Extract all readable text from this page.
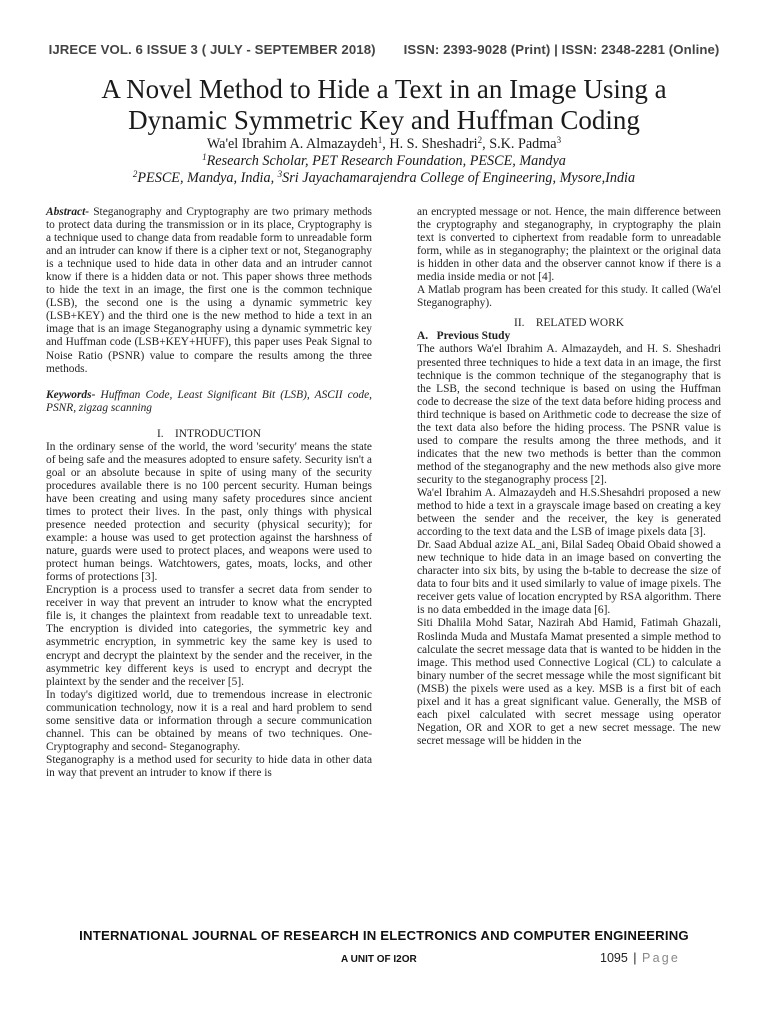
IJRECE VOL. 6 ISSUE 3 ( JULY - SEPTEMBER 2018) ISSN: 2393-9028 (Print) | ISSN: 2348-2281 (Online)
A Novel Method to Hide a Text in an Image Using a
Dynamic Symmetric Key and Huffman Coding
Wa'el Ibrahim A. Almazaydeh$^1$, H. S. Sheshadri$^2$, S.K. Padma$^3$
$^1$Research Scholar, PET Research Foundation, PESCE, Mandya
$^2$PESCE, Mandya, India, $^3$Sri Jayachamarajendra College of Engineering, Mysore,India

Abstract- Steganography and Cryptography are two primary methods to protect data during the transmission or in its place, Cryptography is a technique used to change data from readable form to unreadable form and an intruder can know if there is a cipher text or not, Steganography is a technique used to hide data in other data and an intruder cannot know if there is a hidden data or not. This paper shows three methods to hide the text in an image, the first one is the common technique (LSB), the second one is the using a dynamic symmetric key (LSB+KEY) and the third one is the new method to hide a text in an image that is an image Steganography using a dynamic symmetric key and Huffman code (LSB+KEY+HUFF), this paper uses Peak Signal to Noise Ratio (PSNR) value to compare the results among the three methods.

Keywords- Huffman Code, Least Significant Bit (LSB), ASCII code, PSNR, zigzag scanning

I.    INTRODUCTION

In the ordinary sense of the world, the word 'security' means the state of being safe and the measures adopted to ensure safety. Security isn't a goal or an absolute because in spite of using many of the security procedures available there is no 100 percent security. Human beings have been creating and using many safety procedures since ancient times to protect their lives. In the past, only things with physical presence needed protection and security (physical security); for example: a house was used to get protection against the harshness of nature, guards were used to protect places, and weapons were used to protect human beings. Watchtowers, gates, moats, locks, and other forms of protections [3].

Encryption is a process used to transfer a secret data from sender to receiver in way that prevent an intruder to know what the encrypted file is, it changes the plaintext from readable text to unreadable text. The encryption is divided into categories, the symmetric key and asymmetric encryption, in symmetric key the same key is used to encrypt and decrypt the plaintext by the sender and the receiver, in the asymmetric key different keys is used to encrypt and decrypt the plaintext by the sender and the receiver [5].

In today's digitized world, due to tremendous increase in electronic communication technology, now it is a real and hard problem to send some sensitive data or information through a secure communication channel. This can be obtained by means of two techniques. One-Cryptography and second- Steganography.

Steganography is a method used for security to hide data in other data in way that prevent an intruder to know if there is

an encrypted message or not. Hence, the main difference between the cryptography and steganography, in cryptography the plain text is converted to ciphertext from readable form to unreadable form, while as in steganography; the plaintext or the original data is hidden in other data and the observer cannot know if there is a media inside media or not [4].

A Matlab program has been created for this study. It called (Wa'el Steganography).

II.    RELATED WORK

A.   Previous Study

The authors Wa'el Ibrahim A. Almazaydeh, and H. S. Sheshadri presented three techniques to hide a text data in an image, the first technique is the common technique of the steganography that is the LSB, the second technique is based on using the Huffman code to decrease the size of the text data before hiding process and third technique is based on Arithmetic code to decrease the size of the text data also before the hiding process. The PSNR value is used to compare the results among the three methods, and it indicates that the new two methods is better than the common method of the steganography and the new methods also give more security to the steganography process [2].

Wa'el Ibrahim A. Almazaydeh and H.S.Shesahdri proposed a new method to hide a text in a grayscale image based on creating a key between the sender and the receiver, the key is generated according to the text data and the LSB of image pixels data [3].

Dr. Saad Abdual azize AL_ani, Bilal Sadeq Obaid Obaid showed a new technique to hide data in an image based on converting the character into six bits, by using the b-table to decrease the size of data to four bits and it used similarly to value of image pixels. The receiver gets value of location encrypted by RSA algorithm. There is no data embedded in the image data [6].

Siti Dhalila Mohd Satar, Nazirah Abd Hamid, Fatimah Ghazali, Roslinda Muda and Mustafa Mamat presented a simple method to calculate the secret message data that is wanted to be hidden in the image. This method used Connective Logical (CL) to calculate a binary number of the secret message while the most significant bit (MSB) the pixels were used as a key. MSB is a first bit of each pixel and it has a great significant value. Generally, the MSB of each pixel calculated with secret message using operator Negation, OR and XOR to get a new secret message. The new secret message will be hidden in the

INTERNATIONAL JOURNAL OF RESEARCH IN ELECTRONICS AND COMPUTER ENGINEERING
A UNIT OF I2OR	1095 | Page
